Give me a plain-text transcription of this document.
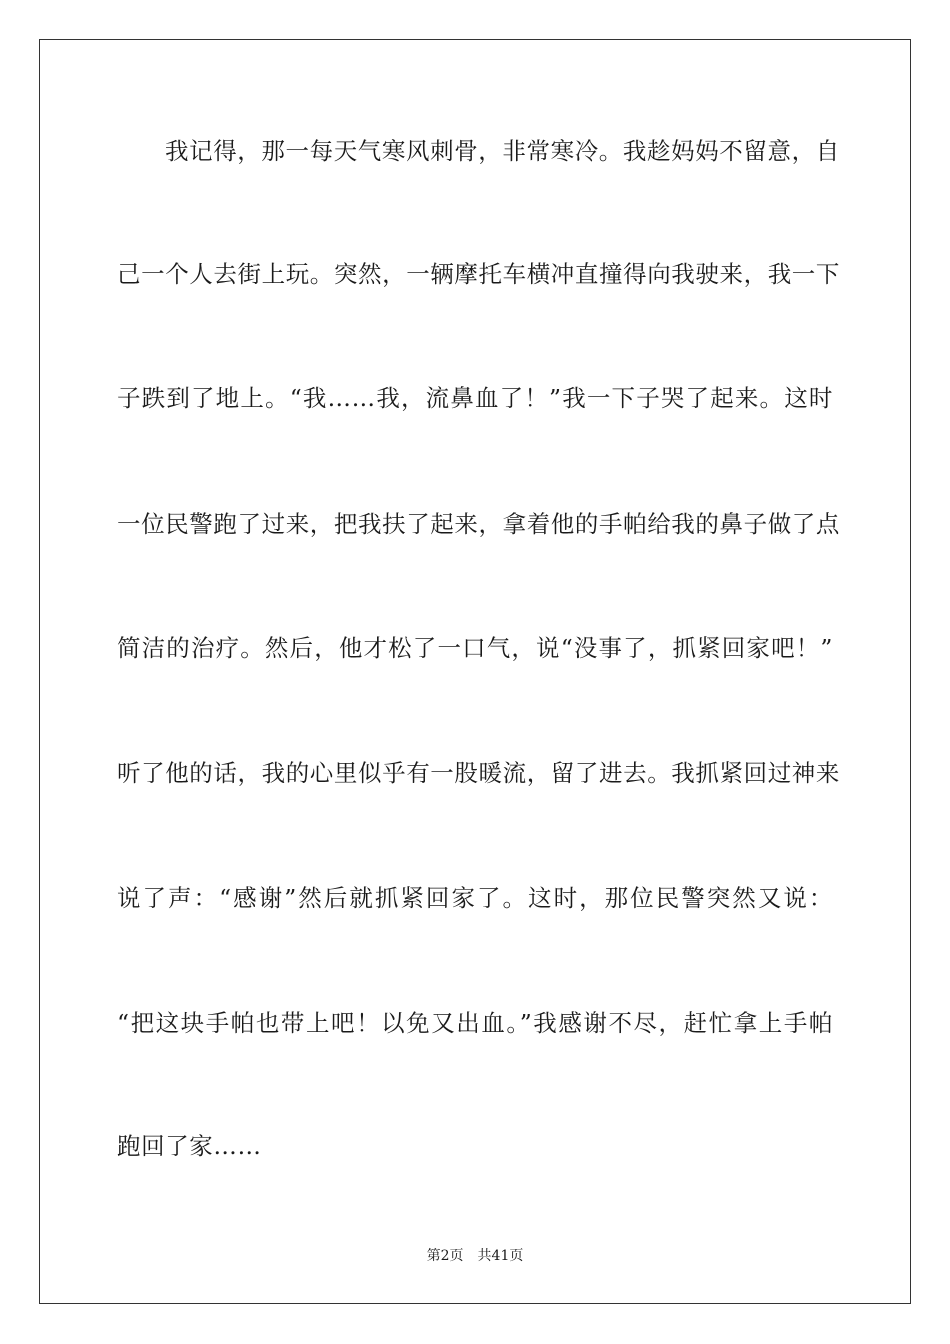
我记得，那一每天气寒风刺骨，非常寒冷。我趁妈妈不留意，自
己一个人去街上玩。突然，一辆摩托车横冲直撞得向我驶来，我一下
子跌到了地上。“我……我，流鼻血了！”我一下子哭了起来。这时
一位民警跑了过来，把我扶了起来，拿着他的手帕给我的鼻子做了点
简洁的治疗。然后，他才松了一口气，说“没事了，抓紧回家吧！”
听了他的话，我的心里似乎有一股暖流，留了进去。我抓紧回过神来
说了声：“感谢”然后就抓紧回家了。这时，那位民警突然又说：
“把这块手帕也带上吧！以免又出血。”我感谢不尽，赶忙拿上手帕
跑回了家……
第2页 共41页
